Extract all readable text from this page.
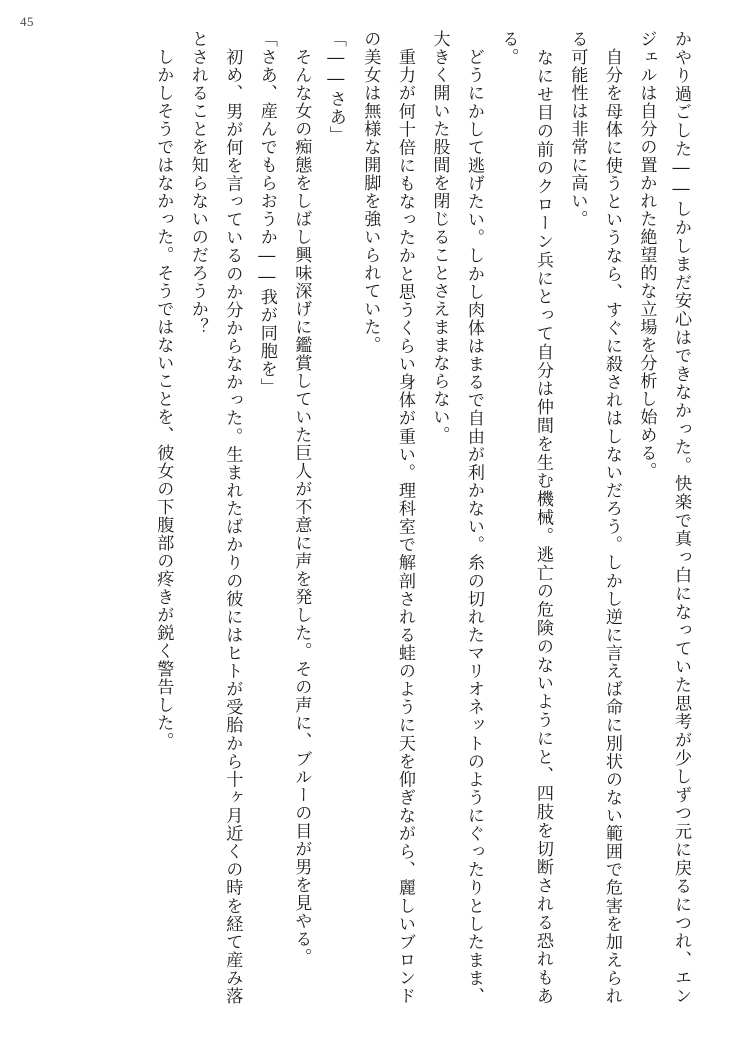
45

かやり過ごした――しかしまだ安心はできなかった。快楽で真っ白になっていた思考が少しずつ元に戻るにつれ、エンジェルは自分の置かれた絶望的な立場を分析し始める。

自分を母体に使うというなら、すぐに殺されはしないだろう。しかし逆に言えば命に別状のない範囲で危害を加えられる可能性は非常に高い。

なにせ目の前のクローン兵にとって自分は仲間を生む機械。逃亡の危険のないようにと、四肢を切断される恐れもある。

どうにかして逃げたい。しかし肉体はまるで自由が利かない。糸の切れたマリオネットのようにぐったりとしたまま、大きく開いた股間を閉じることさえままならない。

重力が何十倍にもなったかと思うくらい身体が重い。理科室で解剖される蛙のように天を仰ぎながら、麗しいブロンドの美女は無様な開脚を強いられていた。

「――さあ」

そんな女の痴態をしばし興味深げに鑑賞していた巨人が不意に声を発した。その声に、ブルーの目が男を見やる。

「さあ、産んでもらおうか――我が同胞を」

初め、男が何を言っているのか分からなかった。生まれたばかりの彼にはヒトが受胎から十ヶ月近くの時を経て産み落とされることを知らないのだろうか？

しかしそうではなかった。そうではないことを、彼女の下腹部の疼きが鋭く警告した。
